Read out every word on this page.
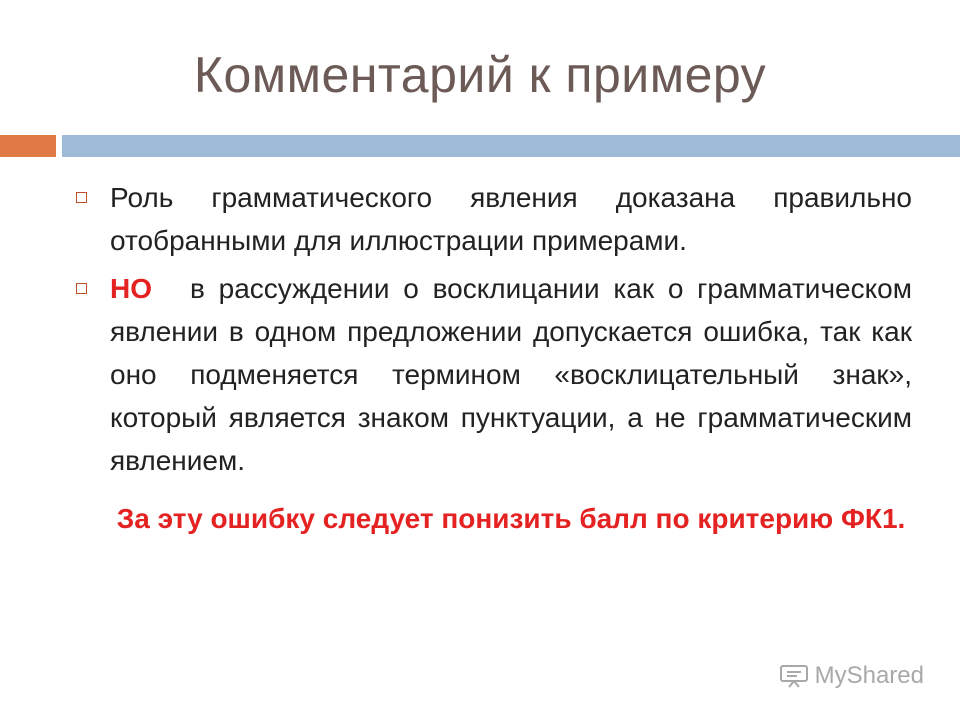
Комментарий к примеру
Роль грамматического явления доказана правильно отобранными для иллюстрации примерами.
НО в рассуждении о восклицании как о грамматическом явлении в одном предложении допускается ошибка, так как оно подменяется термином «восклицательный знак», который является знаком пунктуации, а не грамматическим явлением.
За эту ошибку следует понизить балл по критерию ФК1.
MyShared
